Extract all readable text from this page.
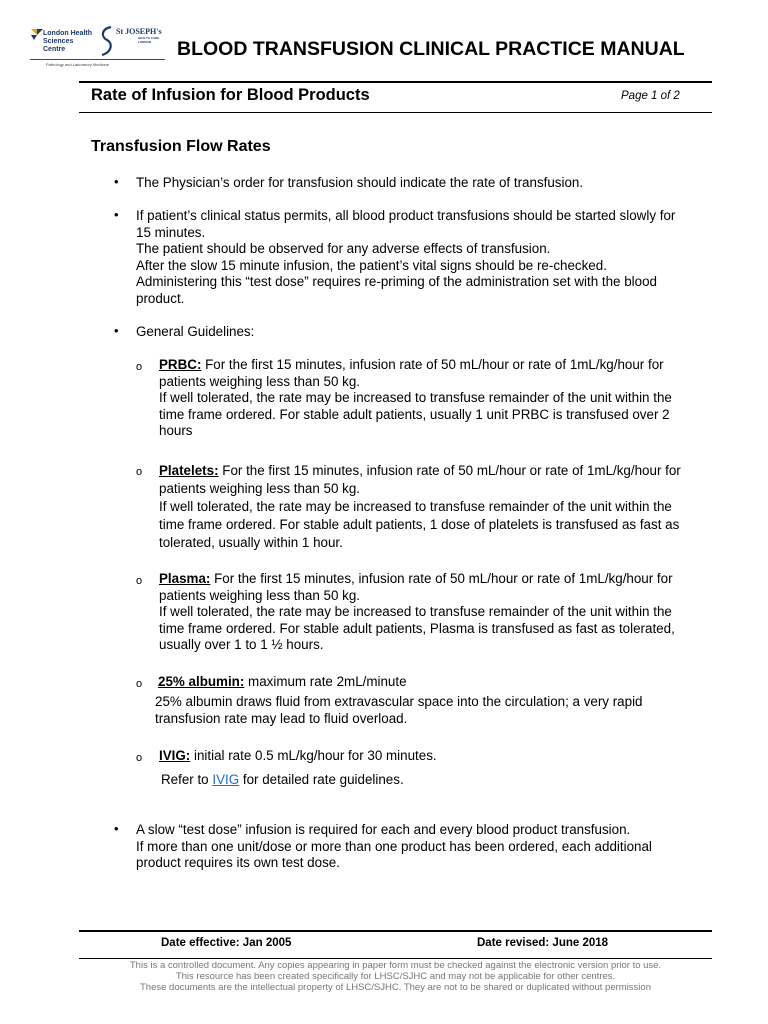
London Health
Sciences Centre
St JOSEPH's
HEALTH CARE
LONDON
Pathology and Laboratory Medicine
BLOOD TRANSFUSION CLINICAL PRACTICE MANUAL
Rate of Infusion for Blood Products	Page 1 of 2
Transfusion Flow Rates
• The Physician’s order for transfusion should indicate the rate of transfusion.

• If patient’s clinical status permits, all blood product transfusions should be started slowly for

15 minutes.

The patient should be observed for any adverse effects of transfusion.

After the slow 15 minute infusion, the patient’s vital signs should be re-checked.

Administering this “test dose” requires re-priming of the administration set with the blood

product.

• General Guidelines:

o PRBC: For the first 15 minutes, infusion rate of 50 mL/hour or rate of 1mL/kg/hour for

patients weighing less than 50 kg.

If well tolerated, the rate may be increased to transfuse remainder of the unit within the

time frame ordered. For stable adult patients, usually 1 unit PRBC is transfused over 2

hours

o Platelets: For the first 15 minutes, infusion rate of 50 mL/hour or rate of 1mL/kg/hour for

patients weighing less than 50 kg.

If well tolerated, the rate may be increased to transfuse remainder of the unit within the

time frame ordered. For stable adult patients, 1 dose of platelets is transfused as fast as

tolerated, usually within 1 hour.

o Plasma: For the first 15 minutes, infusion rate of 50 mL/hour or rate of 1mL/kg/hour for

patients weighing less than 50 kg.

If well tolerated, the rate may be increased to transfuse remainder of the unit within the

time frame ordered. For stable adult patients, Plasma is transfused as fast as tolerated,

usually over 1 to 1 ½ hours.

o 25% albumin: maximum rate 2mL/minute

25% albumin draws fluid from extravascular space into the circulation; a very rapid

transfusion rate may lead to fluid overload.

o IVIG: initial rate 0.5 mL/kg/hour for 30 minutes.

Refer to IVIG for detailed rate guidelines.

• A slow “test dose” infusion is required for each and every blood product transfusion.

If more than one unit/dose or more than one product has been ordered, each additional

product requires its own test dose.

Date effective: Jan 2005	Date revised: June 2018
This is a controlled document. Any copies appearing in paper form must be checked against the electronic version prior to use.
This resource has been created specifically for LHSC/SJHC and may not be applicable for other centres.
These documents are the intellectual property of LHSC/SJHC. They are not to be shared or duplicated without permission
